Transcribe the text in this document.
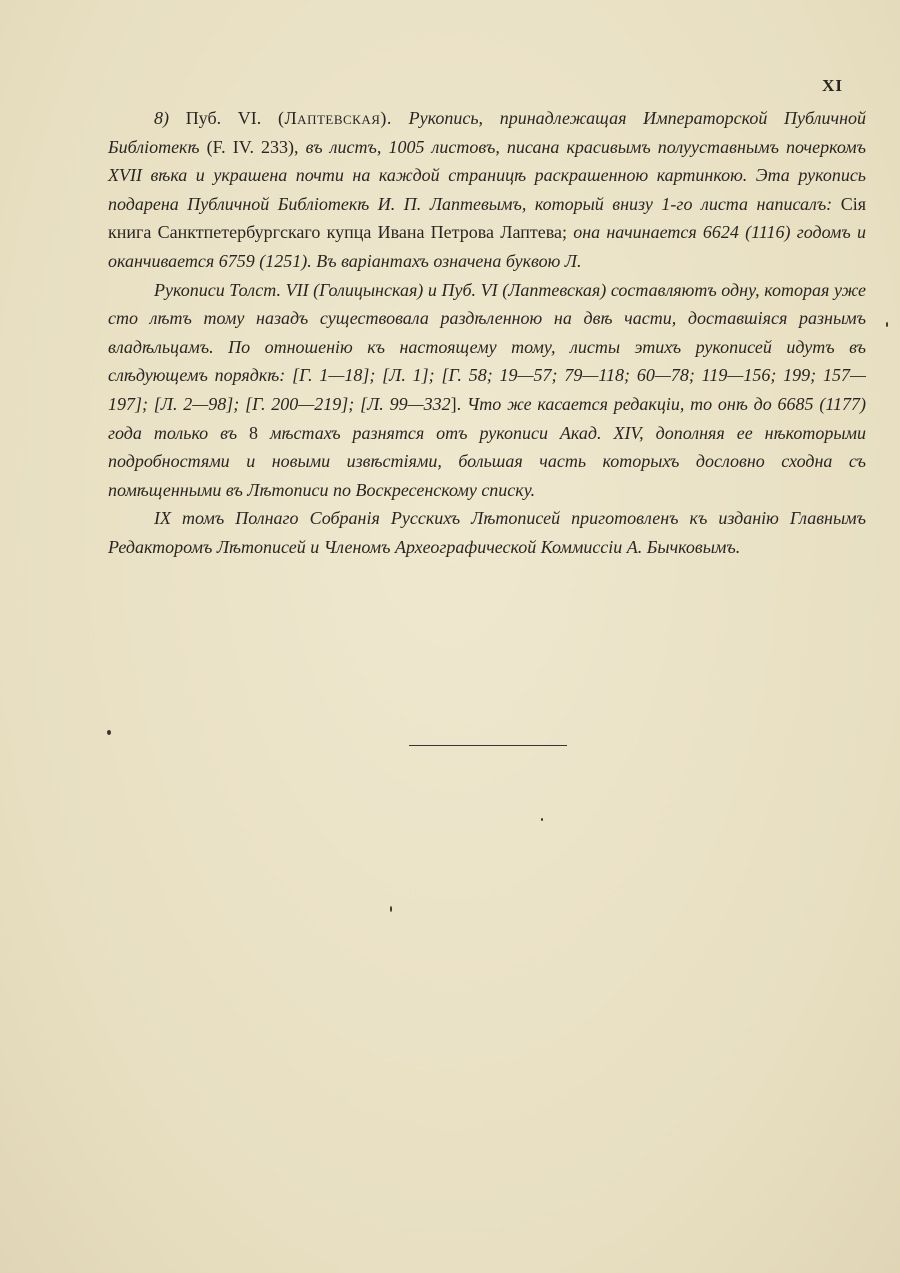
XI

8) Пуб. VI. (Лаптевская). Рукопись, принадлежащая Императорской Публичной Библіотекѣ (F. IV. 233), въ листъ, 1005 листовъ, писана красивымъ полууставнымъ почеркомъ XVII вѣка и украшена почти на каждой страницѣ раскрашенною картинкою. Эта рукопись подарена Публичной Библіотекѣ И. П. Лаптевымъ, который внизу 1-го листа написалъ: Сія книга Санктпетербургскаго купца Ивана Петрова Лаптева; она начинается 6624 (1116) годомъ и оканчивается 6759 (1251). Въ варіантахъ означена буквою Л.

Рукописи Толст. VII (Голицынская) и Пуб. VI (Лаптевская) составляютъ одну, которая уже сто лѣтъ тому назадъ существовала раздѣленною на двѣ части, доставшіяся разнымъ владѣльцамъ. По отношенію къ настоящему тому, листы этихъ рукописей идутъ въ слѣдующемъ порядкѣ: [Г. 1—18]; [Л. 1]; [Г. 58; 19—57; 79—118; 60—78; 119—156; 199; 157—197]; [Л. 2—98]; [Г. 200—219]; [Л. 99—332]. Что же касается редакціи, то онѣ до 6685 (1177) года только въ 8 мѣстахъ разнятся отъ рукописи Акад. XIV, дополняя ее нѣкоторыми подробностями и новыми извѣстіями, большая часть которыхъ дословно сходна съ помѣщенными въ Лѣтописи по Воскресенскому списку.

IX томъ Полнаго Собранія Русскихъ Лѣтописей приготовленъ къ изданію Главнымъ Редакторомъ Лѣтописей и Членомъ Археографической Коммиссіи А. Бычковымъ.
